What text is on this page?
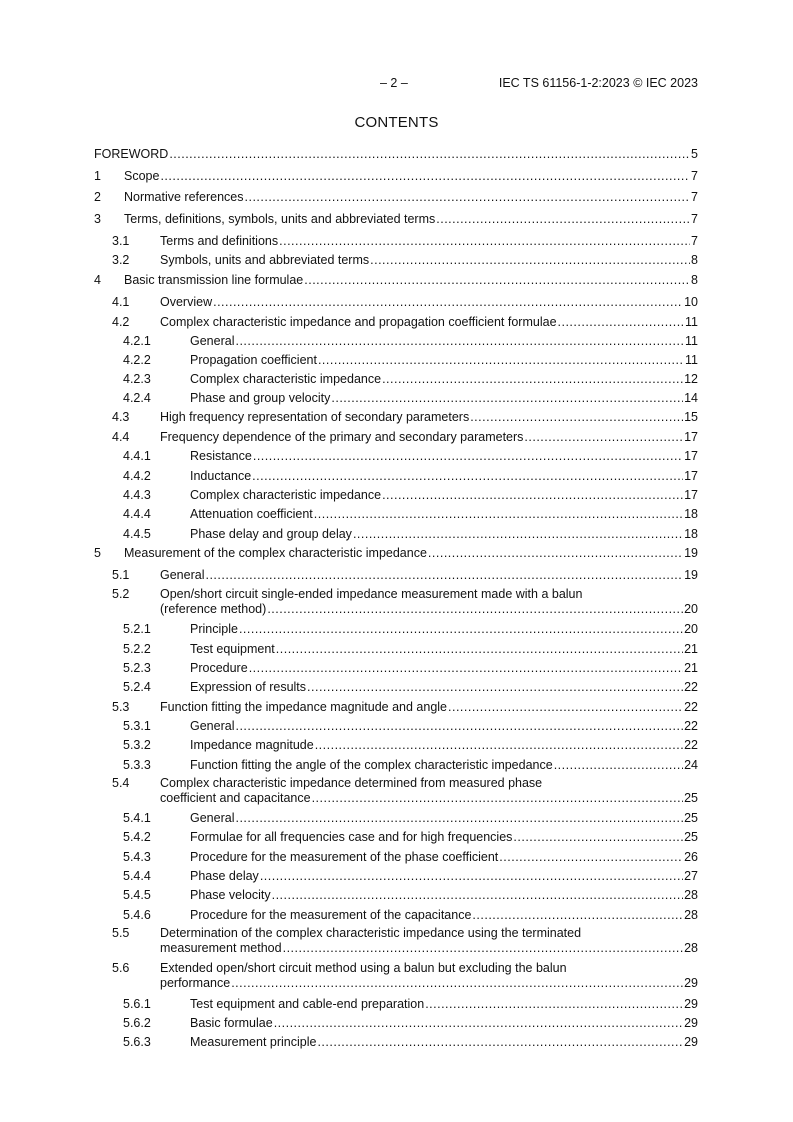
– 2 –	IEC TS 61156-1-2:2023 © IEC 2023
CONTENTS
FOREWORD .....	5
1 Scope .....	7
2 Normative references .....	7
3 Terms, definitions, symbols, units and abbreviated terms .....	7
3.1 Terms and definitions .....	7
3.2 Symbols, units and abbreviated terms .....	8
4 Basic transmission line formulae .....	8
4.1 Overview .....	10
4.2 Complex characteristic impedance and propagation coefficient formulae .....	11
4.2.1	General .....	11
4.2.2	Propagation coefficient .....	11
4.2.3	Complex characteristic impedance .....	12
4.2.4	Phase and group velocity .....	14
4.3 High frequency representation of secondary parameters .....	15
4.4 Frequency dependence of the primary and secondary parameters .....	17
4.4.1	Resistance .....	17
4.4.2	Inductance .....	17
4.4.3	Complex characteristic impedance .....	17
4.4.4	Attenuation coefficient .....	18
4.4.5	Phase delay and group delay .....	18
5 Measurement of the complex characteristic impedance .....	19
5.1 General .....	19
5.2 Open/short circuit single-ended impedance measurement made with a balun
(reference method) .....	20
5.2.1	Principle .....	20
5.2.2	Test equipment .....	21
5.2.3	Procedure .....	21
5.2.4	Expression of results .....	22
5.3 Function fitting the impedance magnitude and angle .....	22
5.3.1	General .....	22
5.3.2	Impedance magnitude .....	22
5.3.3	Function fitting the angle of the complex characteristic impedance .....	24
5.4 Complex characteristic impedance determined from measured phase
coefficient and capacitance .....	25
5.4.1	General .....	25
5.4.2	Formulae for all frequencies case and for high frequencies .....	25
5.4.3	Procedure for the measurement of the phase coefficient .....	26
5.4.4	Phase delay .....	27
5.4.5	Phase velocity .....	28
5.4.6	Procedure for the measurement of the capacitance .....	28
5.5 Determination of the complex characteristic impedance using the terminated
measurement method .....	28
5.6 Extended open/short circuit method using a balun but excluding the balun
performance .....	29
5.6.1	Test equipment and cable-end preparation .....	29
5.6.2	Basic formulae .....	29
5.6.3	Measurement principle .....	29
